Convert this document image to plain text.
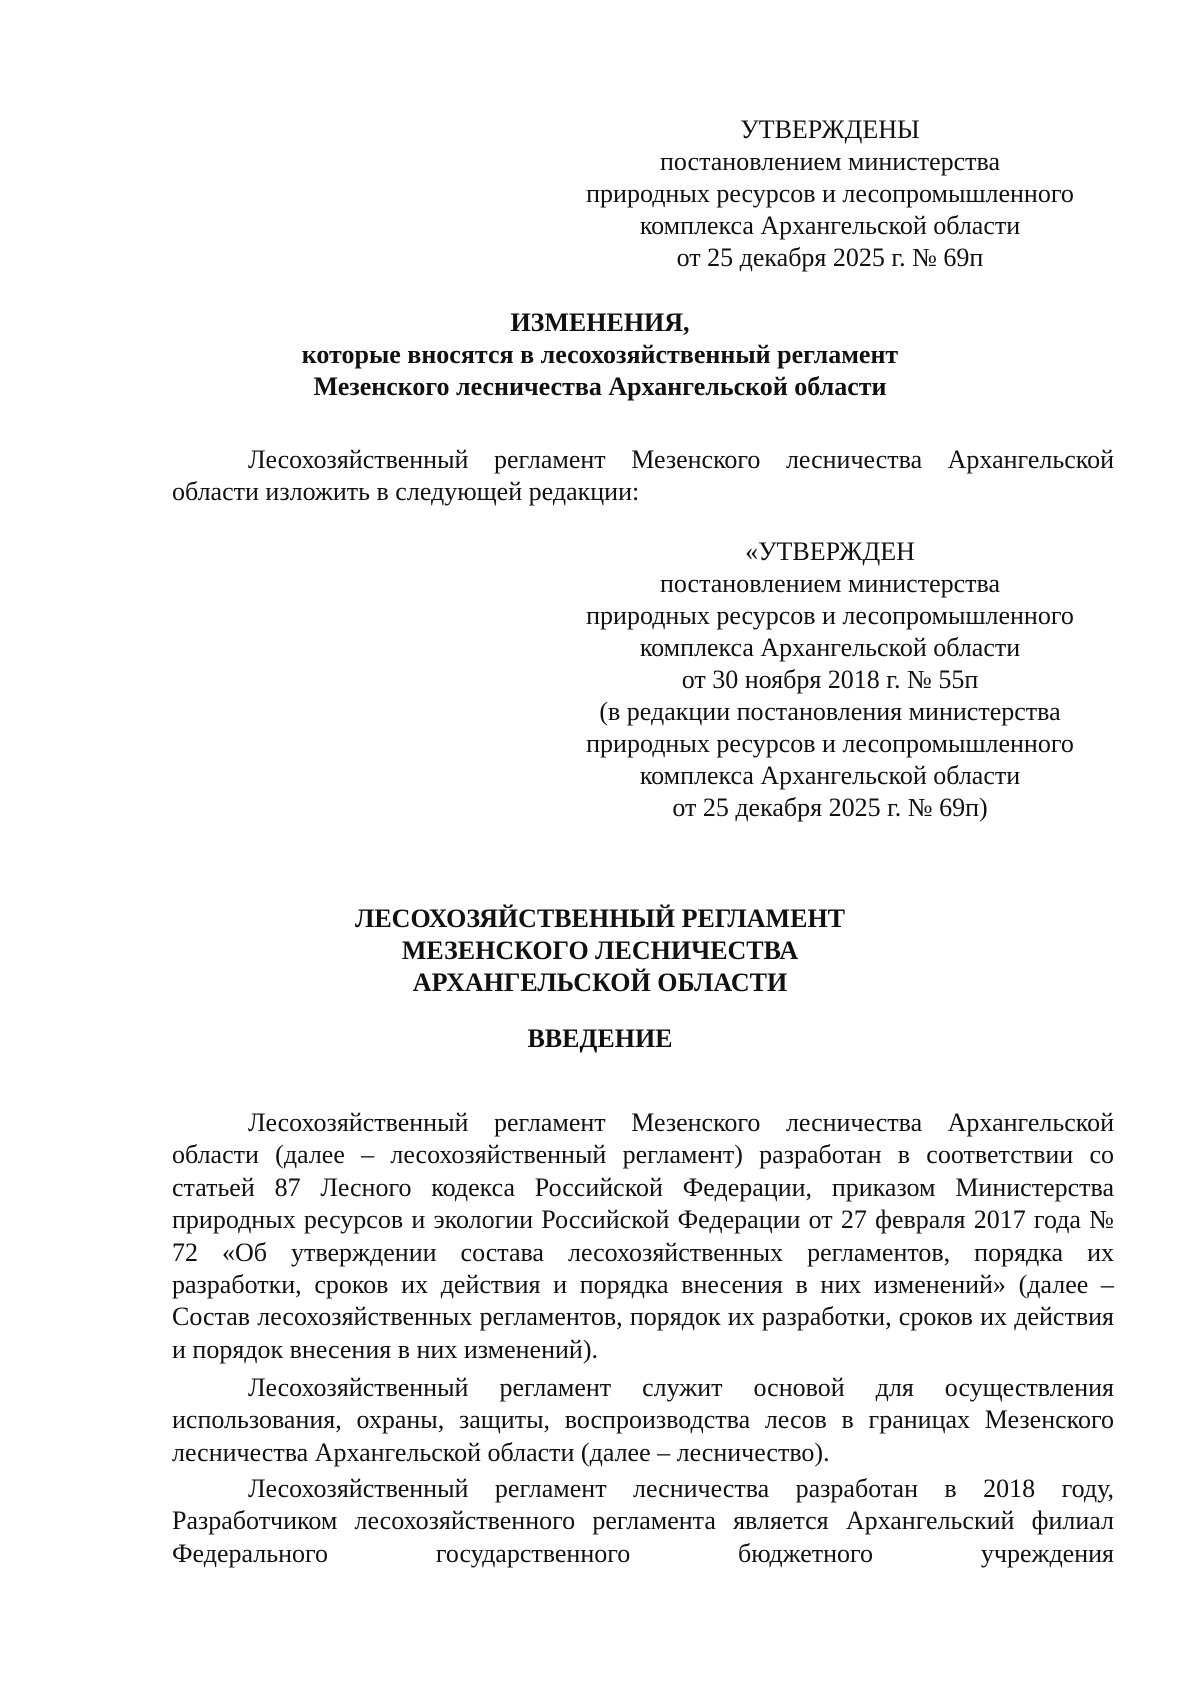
УТВЕРЖДЕНЫ
постановлением министерства
природных ресурсов и лесопромышленного
комплекса Архангельской области
от 25 декабря 2025 г. № 69п
ИЗМЕНЕНИЯ,
которые вносятся в лесохозяйственный регламент
Мезенского лесничества Архангельской области
Лесохозяйственный регламент Мезенского лесничества Архангельской области изложить в следующей редакции:
«УТВЕРЖДЕН
постановлением министерства
природных ресурсов и лесопромышленного
комплекса Архангельской области
от 30 ноября 2018 г. № 55п
(в редакции постановления министерства
природных ресурсов и лесопромышленного
комплекса Архангельской области
от 25 декабря 2025 г. № 69п)
ЛЕСОХОЗЯЙСТВЕННЫЙ РЕГЛАМЕНТ
МЕЗЕНСКОГО ЛЕСНИЧЕСТВА
АРХАНГЕЛЬСКОЙ ОБЛАСТИ
ВВЕДЕНИЕ
Лесохозяйственный регламент Мезенского лесничества Архангельской области (далее – лесохозяйственный регламент) разработан в соответствии со статьей 87 Лесного кодекса Российской Федерации, приказом Министерства природных ресурсов и экологии Российской Федерации от 27 февраля 2017 года № 72 «Об утверждении состава лесохозяйственных регламентов, порядка их разработки, сроков их действия и порядка внесения в них изменений» (далее – Состав лесохозяйственных регламентов, порядок их разработки, сроков их действия и порядок внесения в них изменений).
Лесохозяйственный регламент служит основой для осуществления использования, охраны, защиты, воспроизводства лесов в границах Мезенского лесничества Архангельской области (далее – лесничество).
Лесохозяйственный регламент лесничества разработан в 2018 году, Разработчиком лесохозяйственного регламента является Архангельский филиал Федерального государственного бюджетного учреждения
